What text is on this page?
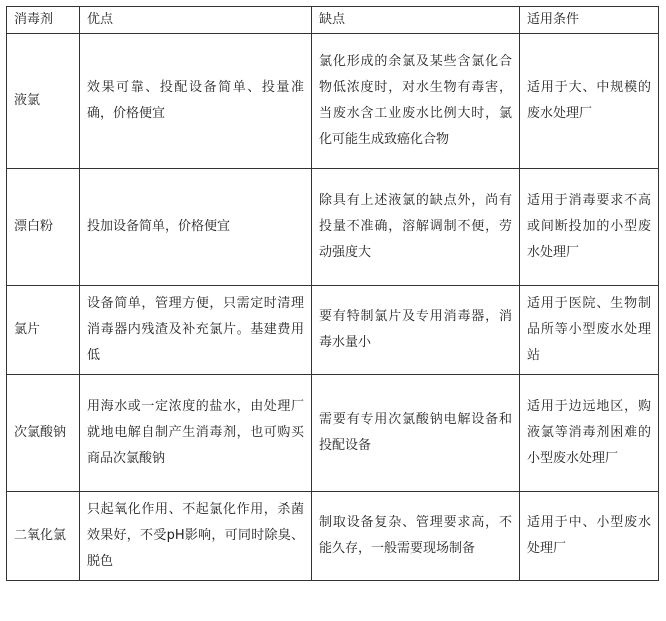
消毒剂	优点	缺点	适用条件
液氯	效果可靠、投配设备简单、投量准确，价格便宜	氯化形成的余氯及某些含氯化合物低浓度时，对水生物有毒害，当废水含工业废水比例大时，氯化可能生成致癌化合物	适用于大、中规模的废水处理厂
漂白粉	投加设备简单，价格便宜	除具有上述液氯的缺点外，尚有投量不准确，溶解调制不便，劳动强度大	适用于消毒要求不高或间断投加的小型废水处理厂
氯片	设备简单，管理方便，只需定时清理消毒器内残渣及补充氯片。基建费用低	要有特制氯片及专用消毒器，消毒水量小	适用于医院、生物制品所等小型废水处理站
次氯酸钠	用海水或一定浓度的盐水，由处理厂就地电解自制产生消毒剂，也可购买商品次氯酸钠	需要有专用次氯酸钠电解设备和投配设备	适用于边远地区，购液氯等消毒剂困难的小型废水处理厂
二氧化氯	只起氧化作用、不起氯化作用，杀菌效果好，不受pH影响，可同时除臭、脱色	制取设备复杂、管理要求高，不能久存，一般需要现场制备	适用于中、小型废水处理厂
